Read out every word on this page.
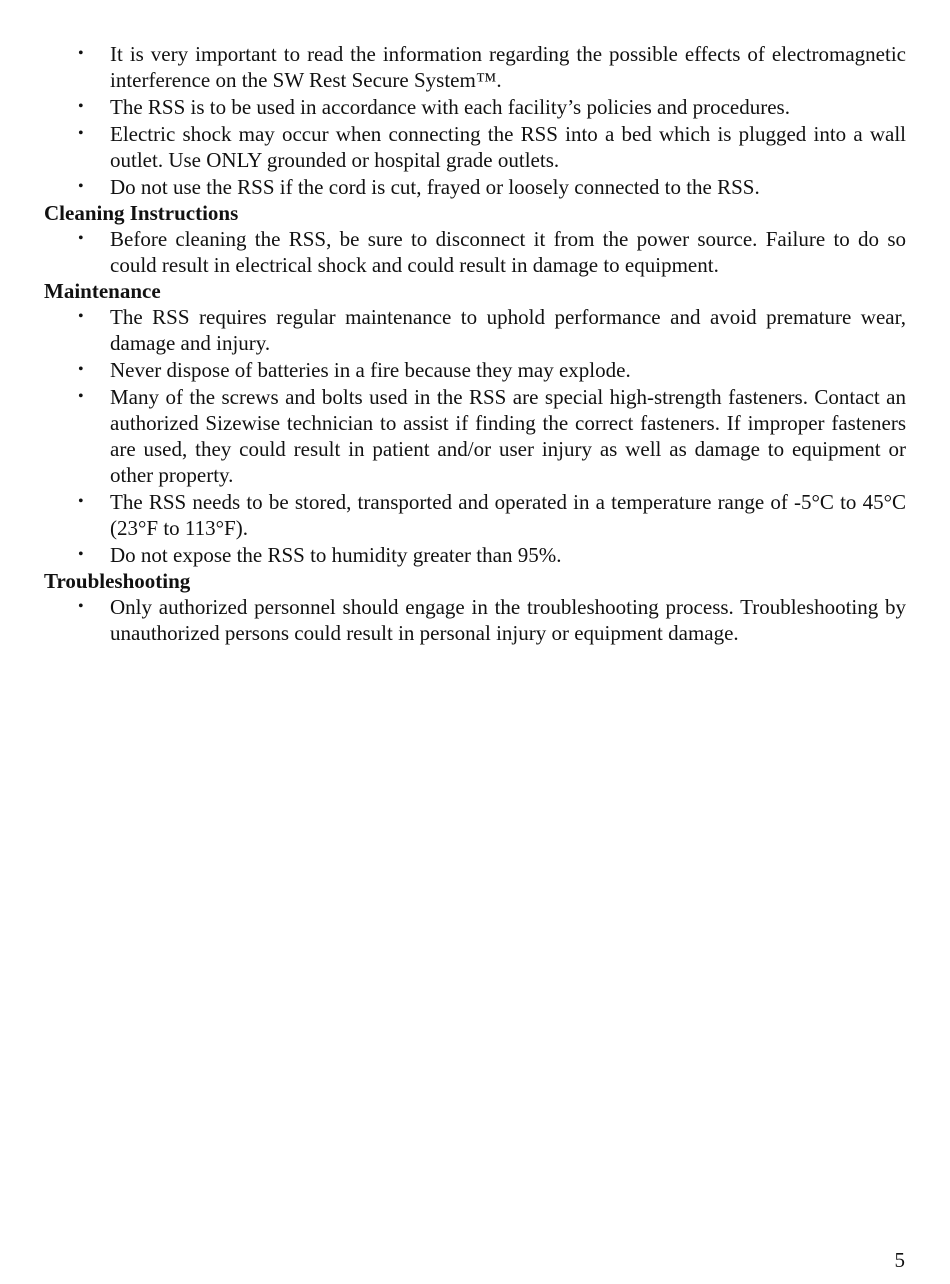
• It is very important to read the information regarding the possible effects of electromagnetic interference on the SW Rest Secure System™.
• The RSS is to be used in accordance with each facility’s policies and procedures.
• Electric shock may occur when connecting the RSS into a bed which is plugged into a wall outlet. Use ONLY grounded or hospital grade outlets.
• Do not use the RSS if the cord is cut, frayed or loosely connected to the RSS.
Cleaning Instructions
• Before cleaning the RSS, be sure to disconnect it from the power source. Failure to do so could result in electrical shock and could result in damage to equipment.
Maintenance
• The RSS requires regular maintenance to uphold performance and avoid premature wear, damage and injury.
• Never dispose of batteries in a fire because they may explode.
• Many of the screws and bolts used in the RSS are special high-strength fasteners. Contact an authorized Sizewise technician to assist if finding the correct fasteners. If improper fasteners are used, they could result in patient and/or user injury as well as damage to equipment or other property.
• The RSS needs to be stored, transported and operated in a temperature range of -5°C to 45°C (23°F to 113°F).
• Do not expose the RSS to humidity greater than 95%.
Troubleshooting
• Only authorized personnel should engage in the troubleshooting process. Troubleshooting by unauthorized persons could result in personal injury or equipment damage.
5
